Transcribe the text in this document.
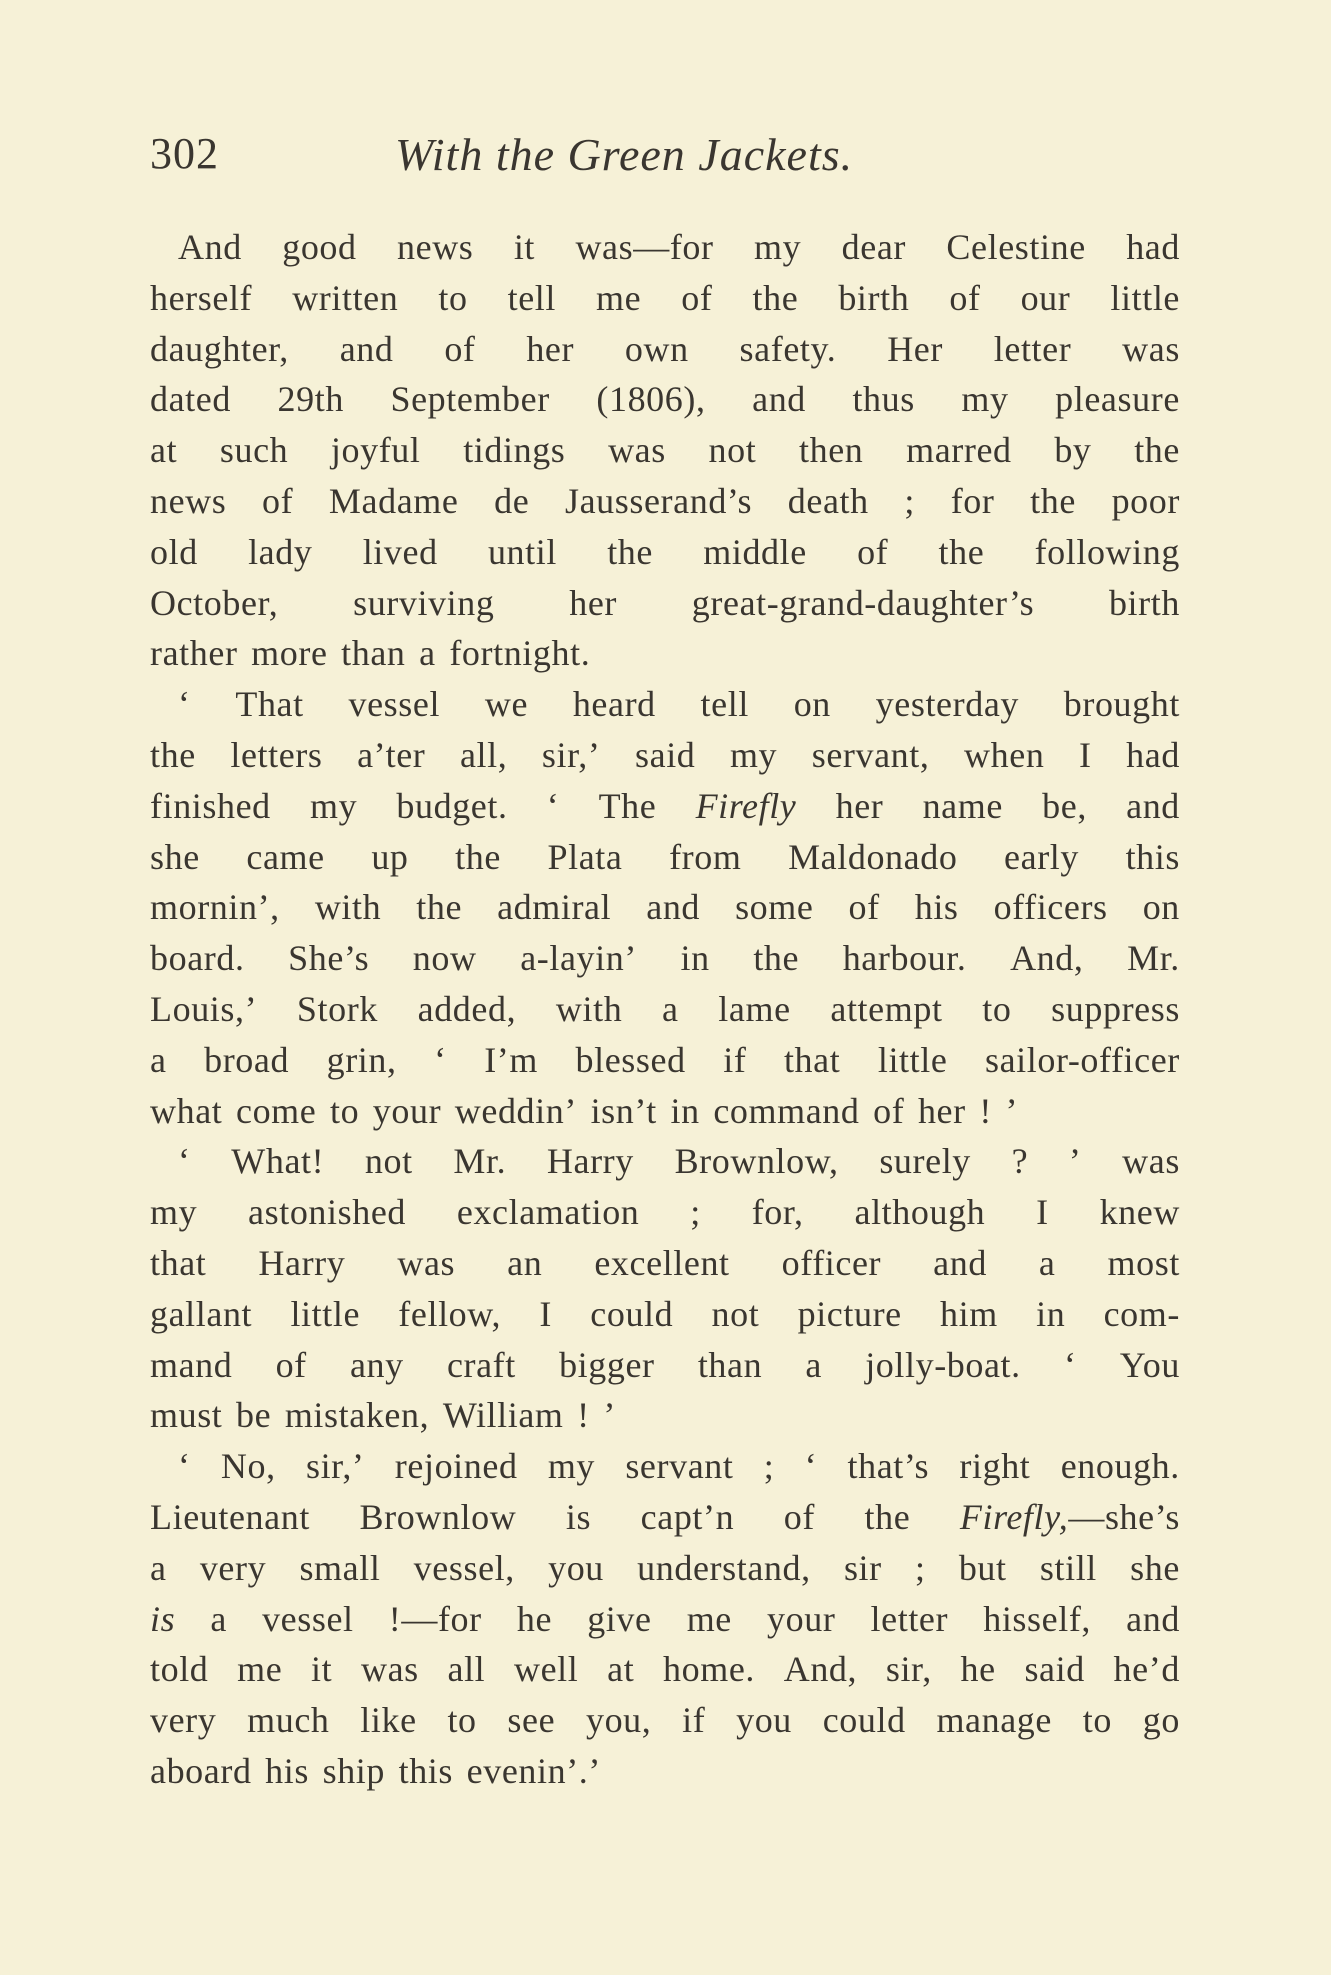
302	With the Green Jackets.
And good news it was—for my dear Celestine had
herself written to tell me of the birth of our little
daughter, and of her own safety. Her letter was
dated 29th September (1806), and thus my pleasure
at such joyful tidings was not then marred by the
news of Madame de Jausserand’s death ; for the poor
old lady lived until the middle of the following
October, surviving her great-grand-daughter’s birth
rather
more
than
a
fortnight.
‘ That vessel we heard tell on yesterday brought
the letters a’ter all, sir,’ said my servant, when I had
finished my budget. ‘ The Firefly her name be, and
she came up the Plata from Maldonado early this
mornin’, with the admiral and some of his officers on
board. She’s now a-layin’ in the harbour. And, Mr.
Louis,’ Stork added, with a lame attempt to suppress
a broad grin, ‘ I’m blessed if that little sailor-officer
what
come
to
your
weddin’
isn’t
in
command
of
her
!
’
‘ What! not Mr. Harry Brownlow, surely ? ’ was
my astonished exclamation ; for, although I knew
that Harry was an excellent officer and a most
gallant little fellow, I could not picture him in com-
mand of any craft bigger than a jolly-boat. ‘ You
must
be
mistaken,
William
!
’
‘ No, sir,’ rejoined my servant ; ‘ that’s right enough.
Lieutenant Brownlow is capt’n of the Firefly,—she’s
a very small vessel, you understand, sir ; but still she
is a vessel !—for he give me your letter hisself, and
told me it was all well at home. And, sir, he said he’d
very much like to see you, if you could manage to go
aboard
his
ship
this
evenin’.’
